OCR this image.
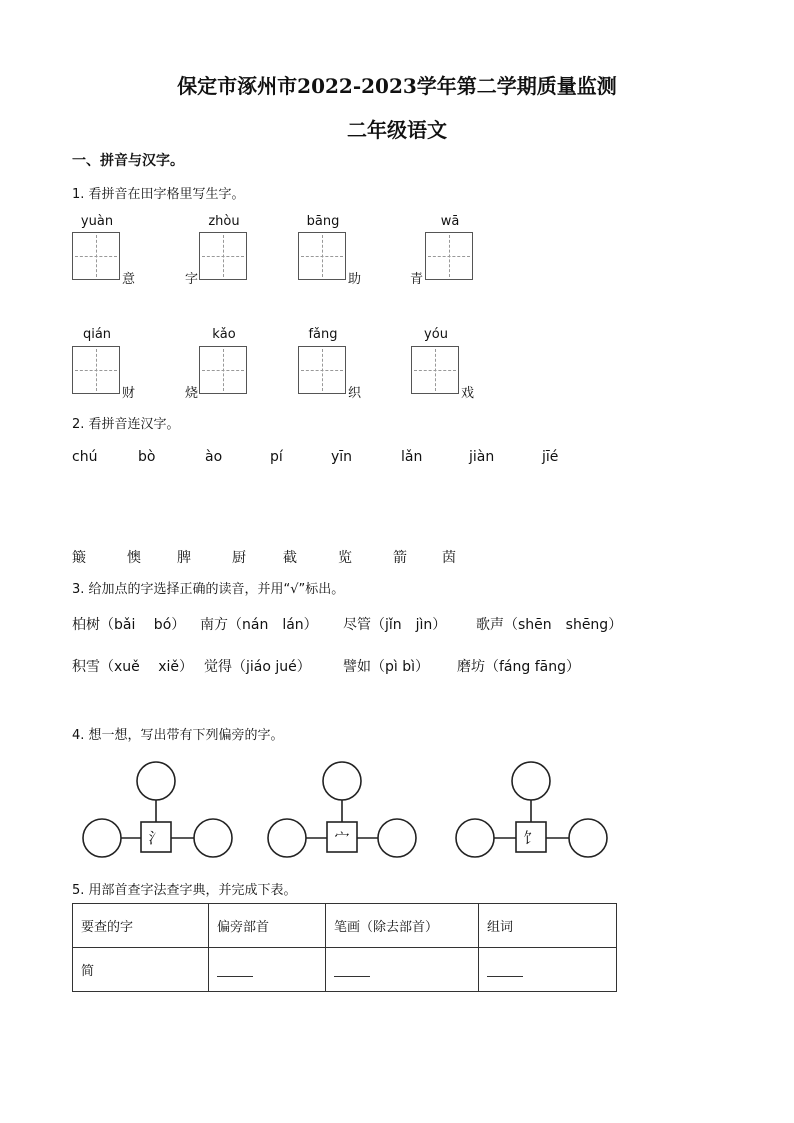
保定市涿州市2022-2023学年第二学期质量监测
二年级语文
一、拼音与汉字。
1. 看拼音在田字格里写生字。
yuàn	zhòu	bāng	wā
意	字	助	青
qián	kǎo	fǎng	yóu
财	烧	织	戏
2. 看拼音连汉字。
chú	bò	ào	pí	yīn	lǎn	jiàn	jīé
簸	懊	脾	厨	截	览	箭	茵
3. 给加点的字选择正确的读音，并用“√”标出。
柏树（bǎi　 bó） 南方（nán　lán） 尽管（jǐn　jìn） 歌声（shēn　shēng）
积雪（xuě　 xiě） 觉得（jiáo jué） 譬如（pì bì） 磨坊（fáng fāng）
4. 想一想，写出带有下列偏旁的字。
氵	宀	饣
5. 用部首查字法查字典，并完成下表。
要查的字	偏旁部首	笔画（除去部首）	组词
简			
